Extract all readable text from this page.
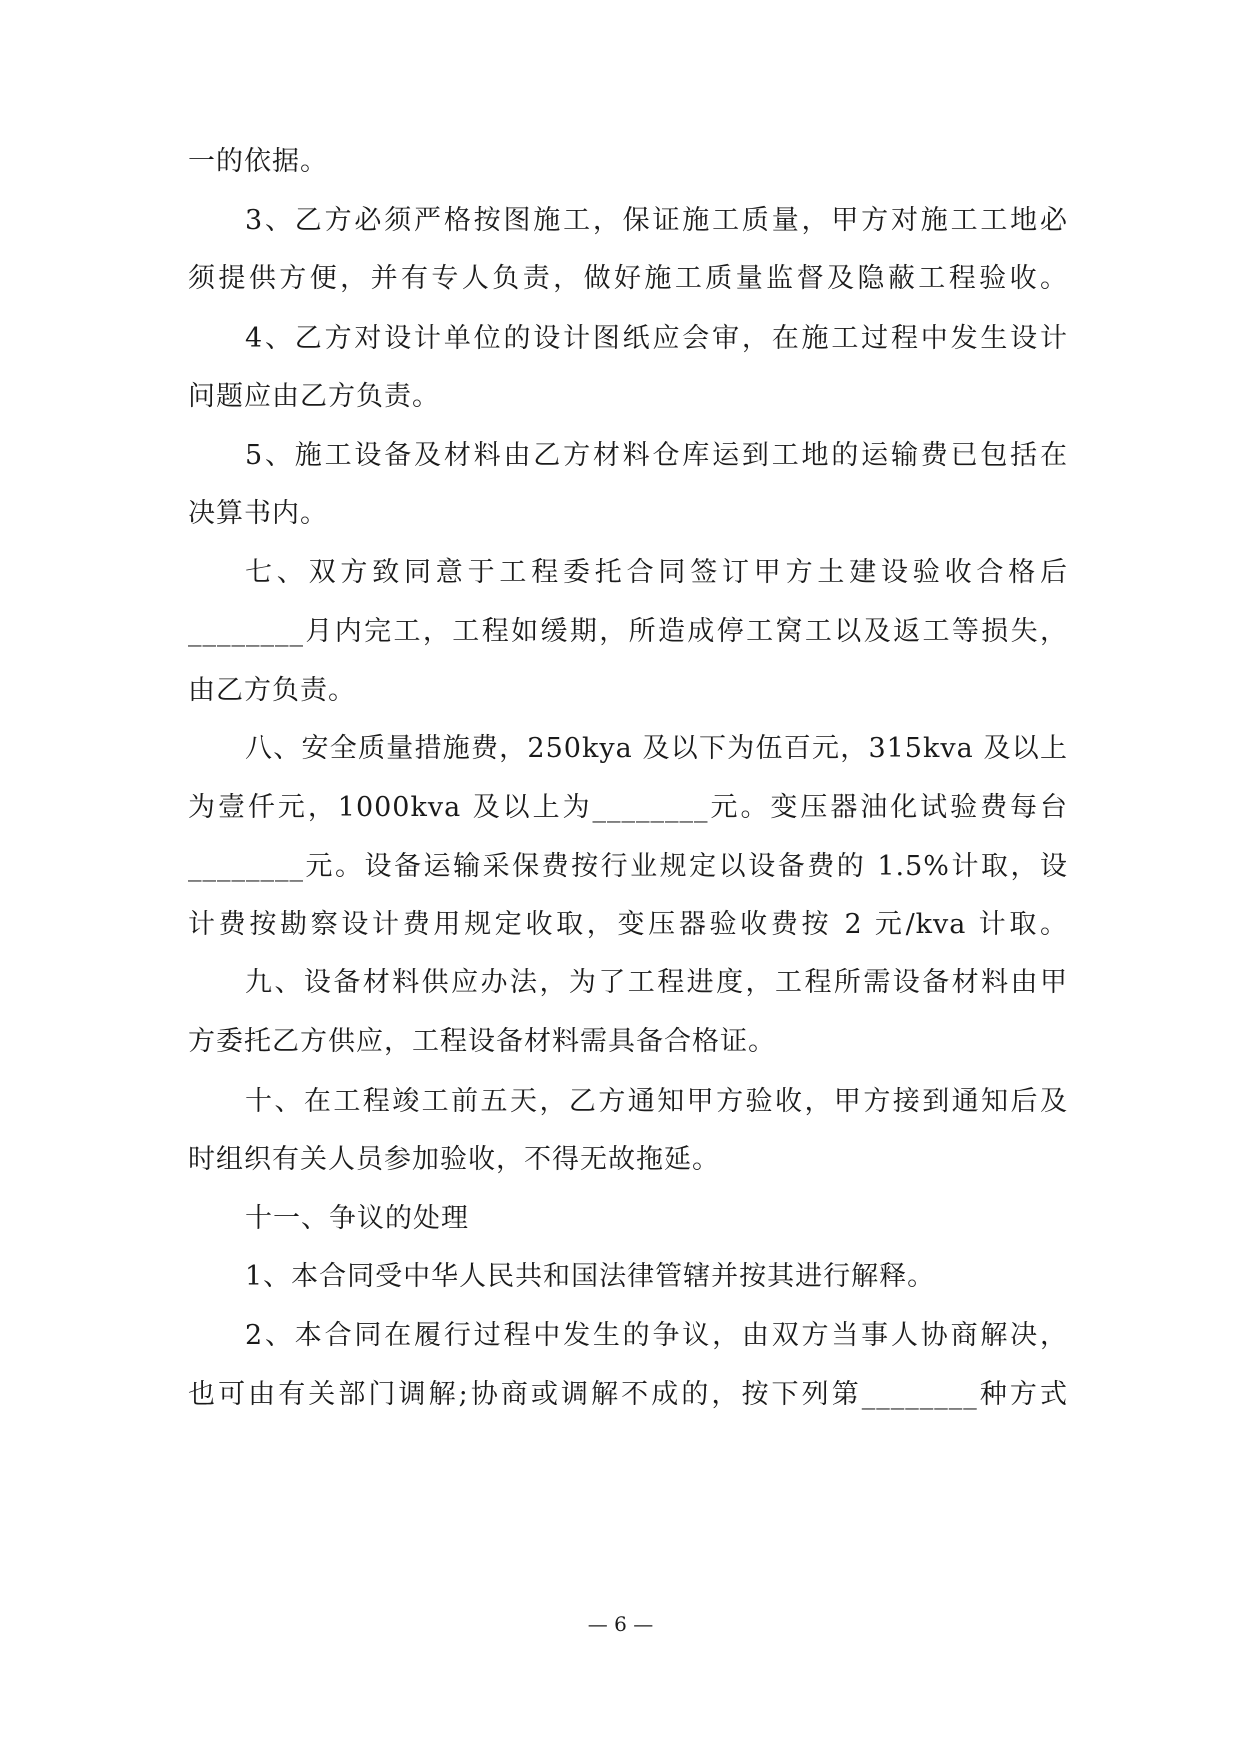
一的依据。
3、乙方必须严格按图施工，保证施工质量，甲方对施工工地必
须提供方便，并有专人负责，做好施工质量监督及隐蔽工程验收。
4、乙方对设计单位的设计图纸应会审，在施工过程中发生设计
问题应由乙方负责。
5、施工设备及材料由乙方材料仓库运到工地的运输费已包括在
决算书内。
七、双方致同意于工程委托合同签订甲方土建设验收合格后
________月内完工，工程如缓期，所造成停工窝工以及返工等损失，
由乙方负责。
八、安全质量措施费，250kya 及以下为伍百元，315kva 及以上
为壹仟元，1000kva 及以上为________元。变压器油化试验费每台
________元。设备运输采保费按行业规定以设备费的 1.5%计取，设
计费按勘察设计费用规定收取，变压器验收费按 2 元/kva 计取。
九、设备材料供应办法，为了工程进度，工程所需设备材料由甲
方委托乙方供应，工程设备材料需具备合格证。
十、在工程竣工前五天，乙方通知甲方验收，甲方接到通知后及
时组织有关人员参加验收，不得无故拖延。
十一、争议的处理
1、本合同受中华人民共和国法律管辖并按其进行解释。
2、本合同在履行过程中发生的争议，由双方当事人协商解决，
也可由有关部门调解;协商或调解不成的，按下列第________种方式
— 6 —
